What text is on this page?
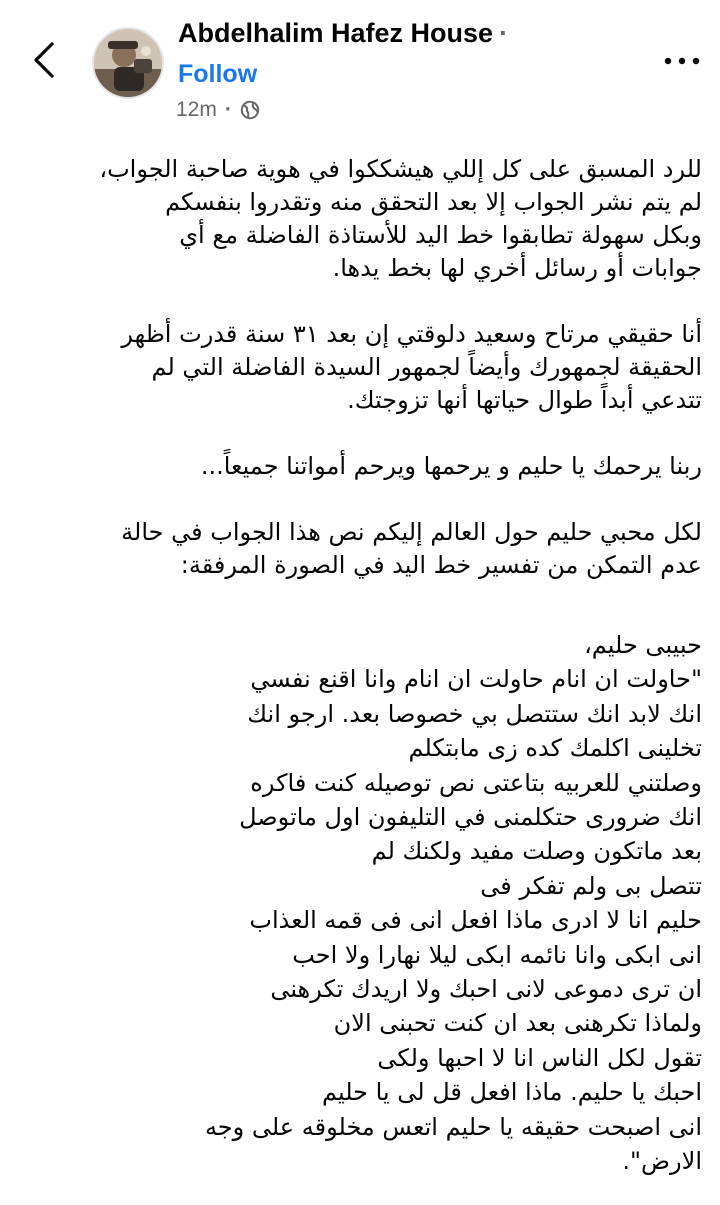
Abdelhalim Hafez House ·
Follow
12m ·

للرد المسبق على كل إللي هيشككوا في هوية صاحبة الجواب،
لم يتم نشر الجواب إلا بعد التحقق منه وتقدروا بنفسكم
وبكل سهولة تطابقوا خط اليد للأستاذة الفاضلة مع أي
جوابات أو رسائل أخري لها بخط يدها.

أنا حقيقي مرتاح وسعيد دلوقتي إن بعد ٣١ سنة قدرت أظهر
الحقيقة لجمهورك وأيضاً لجمهور السيدة الفاضلة التي لم
تتدعي أبداً طوال حياتها أنها تزوجتك.

ربنا يرحمك يا حليم و يرحمها ويرحم أمواتنا جميعاً...

لكل محبي حليم حول العالم إليكم نص هذا الجواب في حالة
عدم التمكن من تفسير خط اليد في الصورة المرفقة:

حبيبى حليم،
"حاولت ان انام حاولت ان انام وانا اقنع نفسي
انك لابد انك ستتصل بي خصوصا بعد. ارجو انك
تخلينى اكلمك كده زى مابتكلم
وصلتني للعربيه بتاعتى نص توصيله كنت فاكره
انك ضرورى حتكلمنى في التليفون اول ماتوصل
بعد ماتكون وصلت مفيد ولكنك لم
تتصل بى ولم تفكر فى
حليم انا لا ادرى ماذا افعل انى فى قمه العذاب
انى ابكى وانا نائمه ابكى ليلا نهارا ولا احب
ان ترى دموعى لانى احبك ولا اريدك تكرهنى
ولماذا تكرهنى بعد ان كنت تحبنى الان
تقول لكل الناس انا لا احبها ولكى
احبك يا حليم. ماذا افعل قل لى يا حليم
انى اصبحت حقيقه يا حليم اتعس مخلوقه على وجه
الارض".
